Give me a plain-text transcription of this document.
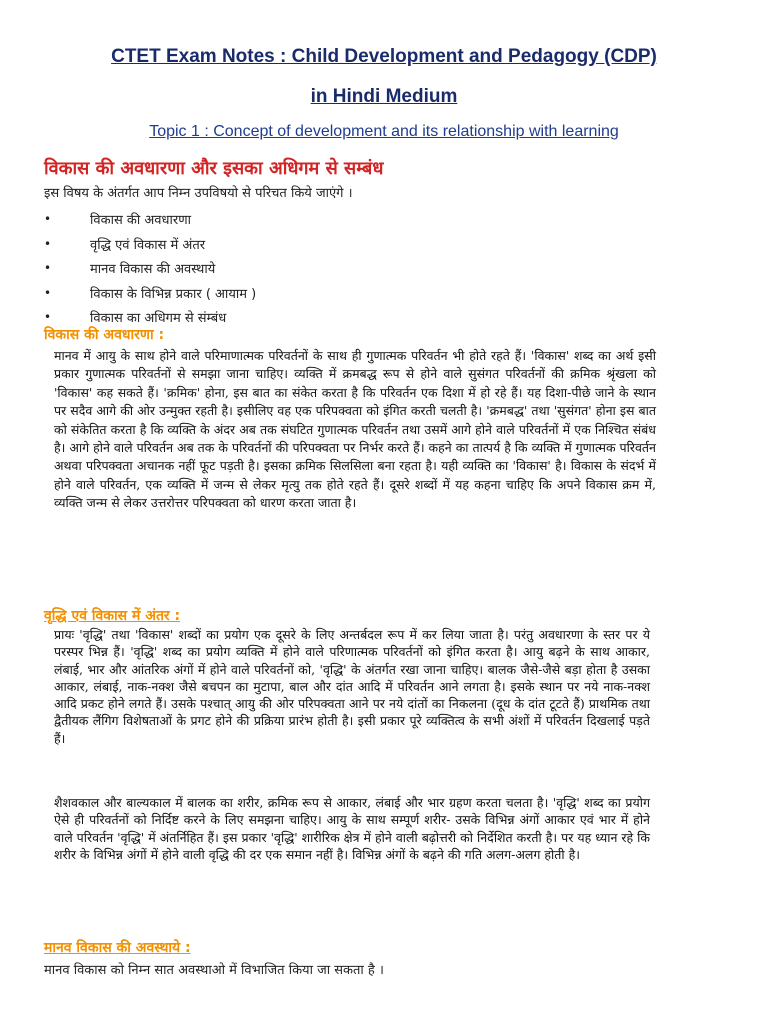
CTET Exam Notes : Child Development and Pedagogy (CDP)
in Hindi Medium
Topic 1 : Concept of development and its relationship with learning
विकास की अवधारणा और इसका अधिगम से सम्बंध
इस विषय के अंतर्गत आप निम्न उपविषयो से परिचत किये जाएंगे ।
•	विकास की अवधारणा
•	वृद्धि एवं विकास में अंतर
•	मानव विकास की अवस्थाये
•	विकास के विभिन्न प्रकार ( आयाम )
•	विकास का अधिगम से संम्बंध
विकास की अवधारणा :

मानव में आयु के साथ होने वाले परिमाणात्मक परिवर्तनों के साथ ही गुणात्मक परिवर्तन भी होते रहते हैं। 'विकास' शब्द का अर्थ इसी प्रकार गुणात्मक परिवर्तनों से समझा जाना चाहिए। व्यक्ति में क्रमबद्ध रूप से होने वाले सुसंगत परिवर्तनों की क्रमिक श्रृंखला को 'विकास' कह सकते हैं। 'क्रमिक' होना, इस बात का संकेत करता है कि परिवर्तन एक दिशा में हो रहे हैं। यह दिशा-पीछे जाने के स्थान पर सदैव आगे की ओर उन्मुक्त रहती है। इसीलिए वह एक परिपक्वता को इंगित करती चलती है। 'क्रमबद्ध' तथा 'सुसंगत' होना इस बात को संकेतित करता है कि व्यक्ति के अंदर अब तक संघटित गुणात्मक परिवर्तन तथा उसमें आगे होने वाले परिवर्तनों में एक निश्चित संबंध है। आगे होने वाले परिवर्तन अब तक के परिवर्तनों की परिपक्वता पर निर्भर करते हैं। कहने का तात्पर्य है कि व्यक्ति में गुणात्मक परिवर्तन अथवा परिपक्वता अचानक नहीं फूट पड़ती है। इसका क्रमिक सिलसिला बना रहता है। यही व्यक्ति का 'विकास' है। विकास के संदर्भ में होने वाले परिवर्तन, एक व्यक्ति में जन्म से लेकर मृत्यु तक होते रहते हैं। दूसरे शब्दों में यह कहना चाहिए कि अपने विकास क्रम में, व्यक्ति जन्म से लेकर उत्तरोत्तर परिपक्वता को धारण करता जाता है।

वृद्धि एवं विकास में अंतर :

प्रायः 'वृद्धि' तथा 'विकास' शब्दों का प्रयोग एक दूसरे के लिए अन्तर्बदल रूप में कर लिया जाता है। परंतु अवधारणा के स्तर पर ये परस्पर भिन्न हैं। 'वृद्धि' शब्द का प्रयोग व्यक्ति में होने वाले परिणात्मक परिवर्तनों को इंगित करता है। आयु बढ़ने के साथ आकार, लंबाई, भार और आंतरिक अंगों में होने वाले परिवर्तनों को, 'वृद्धि' के अंतर्गत रखा जाना चाहिए। बालक जैसे-जैसे बड़ा होता है उसका आकार, लंबाई, नाक-नक्श जैसे बचपन का मुटापा, बाल और दांत आदि में परिवर्तन आने लगता है। इसके स्थान पर नये नाक-नक्श आदि प्रकट होने लगते हैं। उसके पश्चात् आयु की ओर परिपक्वता आने पर नये दांतों का निकलना (दूध के दांत टूटते हैं) प्राथमिक तथा द्वैतीयक लैंगिग विशेषताओं के प्रगट होने की प्रक्रिया प्रारंभ होती है। इसी प्रकार पूरे व्यक्तित्व के सभी अंशों में परिवर्तन दिखलाई पड़ते हैं।

शैशवकाल और बाल्यकाल में बालक का शरीर, क्रमिक रूप से आकार, लंबाई और भार ग्रहण करता चलता है। 'वृद्धि' शब्द का प्रयोग ऐसे ही परिवर्तनों को निर्दिष्ट करने के लिए समझना चाहिए। आयु के साथ सम्पूर्ण शरीर- उसके विभिन्न अंगों आकार एवं भार में होने वाले परिवर्तन 'वृद्धि' में अंतर्निहित हैं। इस प्रकार 'वृद्धि' शारीरिक क्षेत्र में होने वाली बढ़ोत्तरी को निर्देशित करती है। पर यह ध्यान रहे कि शरीर के विभिन्न अंगों में होने वाली वृद्धि की दर एक समान नहीं है। विभिन्न अंगों के बढ़ने की गति अलग-अलग होती है।

मानव विकास की अवस्थाये :
मानव विकास को निम्न सात अवस्थाओ में विभाजित किया जा सकता है ।
